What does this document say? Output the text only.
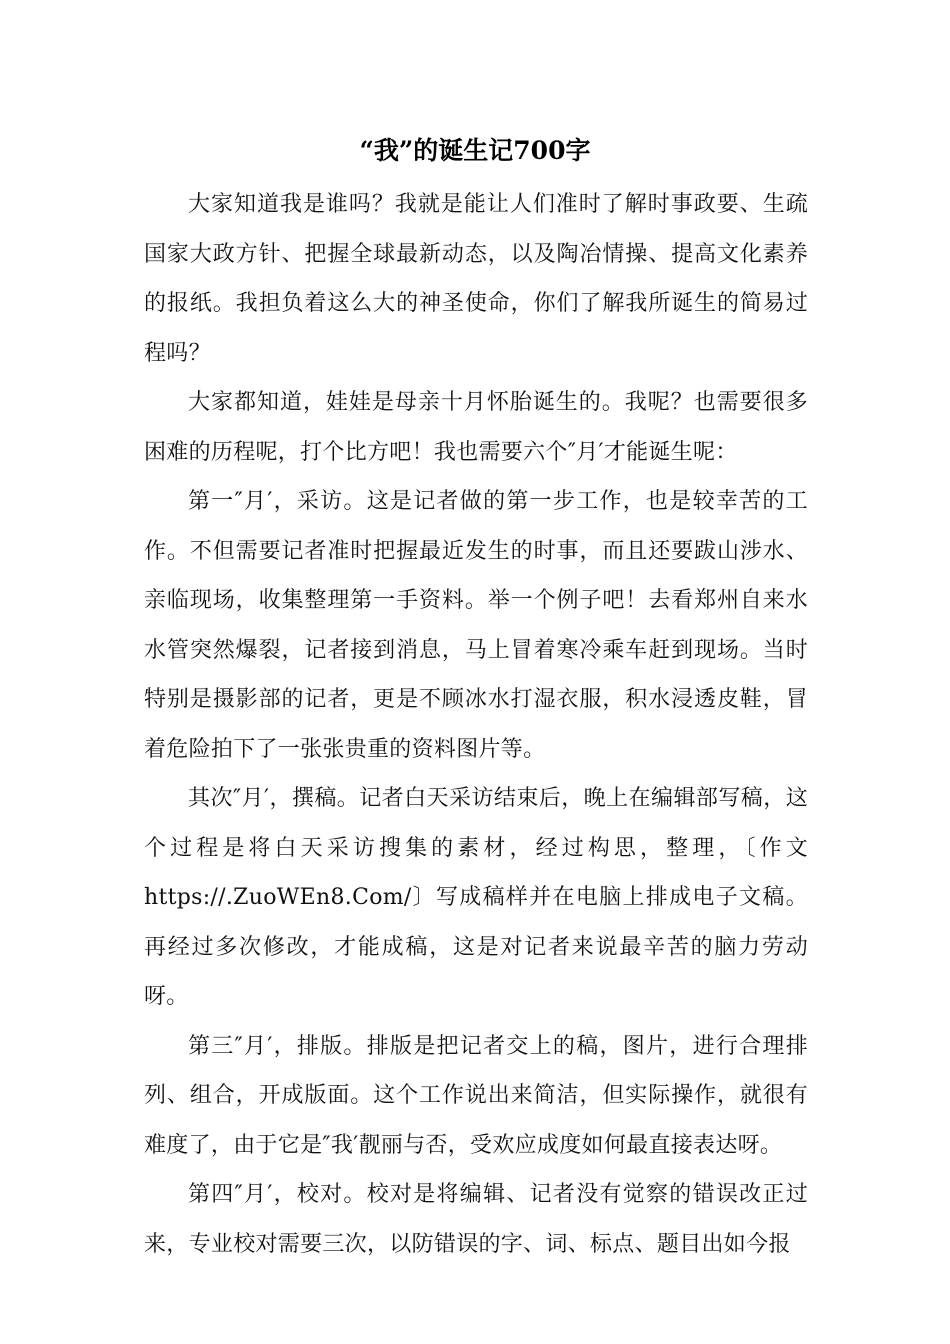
“我”的诞生记700字

大家知道我是谁吗？我就是能让人们准时了解时事政要、生疏国家大政方针、把握全球最新动态，以及陶冶情操、提高文化素养的报纸。我担负着这么大的神圣使命，你们了解我所诞生的简易过程吗？

大家都知道，娃娃是母亲十月怀胎诞生的。我呢？也需要很多困难的历程呢，打个比方吧！我也需要六个″月′才能诞生呢：

第一″月′，采访。这是记者做的第一步工作，也是较幸苦的工作。不但需要记者准时把握最近发生的时事，而且还要跋山涉水、亲临现场，收集整理第一手资料。举一个例子吧！去看郑州自来水水管突然爆裂，记者接到消息，马上冒着寒冷乘车赶到现场。当时特别是摄影部的记者，更是不顾冰水打湿衣服，积水浸透皮鞋，冒着危险拍下了一张张贵重的资料图片等。

其次″月′，撰稿。记者白天采访结束后，晚上在编辑部写稿，这个过程是将白天采访搜集的素材，经过构思，整理，〔作文https://.ZuoWEn8.Com/〕写成稿样并在电脑上排成电子文稿。再经过多次修改，才能成稿，这是对记者来说最辛苦的脑力劳动呀。

第三″月′，排版。排版是把记者交上的稿，图片，进行合理排列、组合，开成版面。这个工作说出来简洁，但实际操作，就很有难度了，由于它是″我′靓丽与否，受欢应成度如何最直接表达呀。

第四″月′，校对。校对是将编辑、记者没有觉察的错误改正过来，专业校对需要三次，以防错误的字、词、标点、题目出如今报
